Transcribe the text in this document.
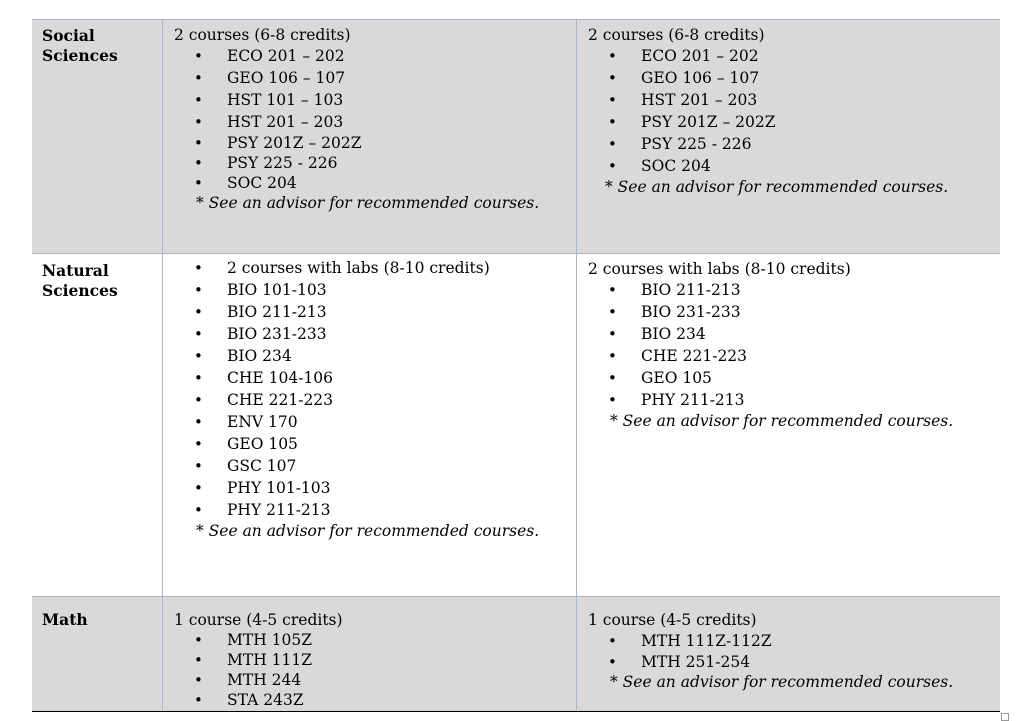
Social
Sciences
2 courses (6-8 credits)
• ECO 201 – 202
• GEO 106 – 107
• HST 101 – 103
• HST 201 – 203
• PSY 201Z – 202Z
• PSY 225 - 226
• SOC 204
* See an advisor for recommended courses.
2 courses (6-8 credits)
• ECO 201 – 202
• GEO 106 – 107
• HST 201 – 203
• PSY 201Z – 202Z
• PSY 225 - 226
• SOC 204
* See an advisor for recommended courses.
Natural
Sciences
• 2 courses with labs (8-10 credits)
• BIO 101-103
• BIO 211-213
• BIO 231-233
• BIO 234
• CHE 104-106
• CHE 221-223
• ENV 170
• GEO 105
• GSC 107
• PHY 101-103
• PHY 211-213
* See an advisor for recommended courses.
2 courses with labs (8-10 credits)
• BIO 211-213
• BIO 231-233
• BIO 234
• CHE 221-223
• GEO 105
• PHY 211-213
* See an advisor for recommended courses.
Math	1 course (4-5 credits)
• MTH 105Z
• MTH 111Z
• MTH 244
• STA 243Z
1 course (4-5 credits)
• MTH 111Z-112Z
• MTH 251-254
* See an advisor for recommended courses.
